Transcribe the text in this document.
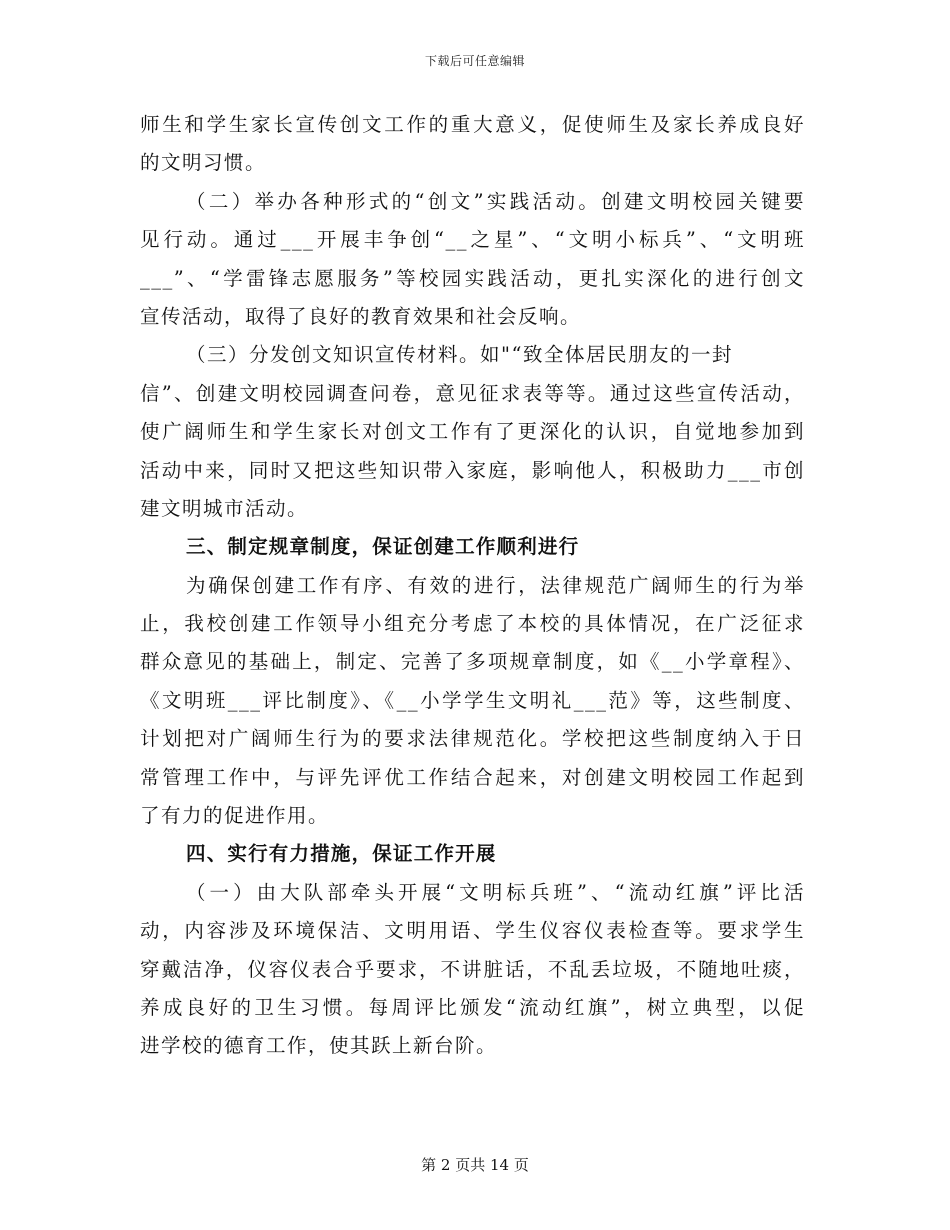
下载后可任意编辑
师生和学生家长宣传创文工作的重大意义，促使师生及家长养成良好
的文明习惯。
（二）举办各种形式的“创文”实践活动。创建文明校园关键要
见行动。通过___开展丰争创“__之星”、“文明小标兵”、“文明班
___”、“学雷锋志愿服务”等校园实践活动，更扎实深化的进行创文
宣传活动，取得了良好的教育效果和社会反响。
（三）分发创文知识宣传材料。如"“致全体居民朋友的一封
信”、创建文明校园调查问卷，意见征求表等等。通过这些宣传活动，
使广阔师生和学生家长对创文工作有了更深化的认识，自觉地参加到
活动中来，同时又把这些知识带入家庭，影响他人，积极助力___市创
建文明城市活动。
三、制定规章制度，保证创建工作顺利进行
为确保创建工作有序、有效的进行，法律规范广阔师生的行为举
止，我校创建工作领导小组充分考虑了本校的具体情况，在广泛征求
群众意见的基础上，制定、完善了多项规章制度，如《__小学章程》、
《文明班___评比制度》、《__小学学生文明礼___范》等，这些制度、
计划把对广阔师生行为的要求法律规范化。学校把这些制度纳入于日
常管理工作中，与评先评优工作结合起来，对创建文明校园工作起到
了有力的促进作用。
四、实行有力措施，保证工作开展
（一）由大队部牵头开展“文明标兵班”、“流动红旗”评比活
动，内容涉及环境保洁、文明用语、学生仪容仪表检查等。要求学生
穿戴洁净，仪容仪表合乎要求，不讲脏话，不乱丢垃圾，不随地吐痰，
养成良好的卫生习惯。每周评比颁发“流动红旗”，树立典型，以促
进学校的德育工作，使其跃上新台阶。
第 2 页共 14 页
